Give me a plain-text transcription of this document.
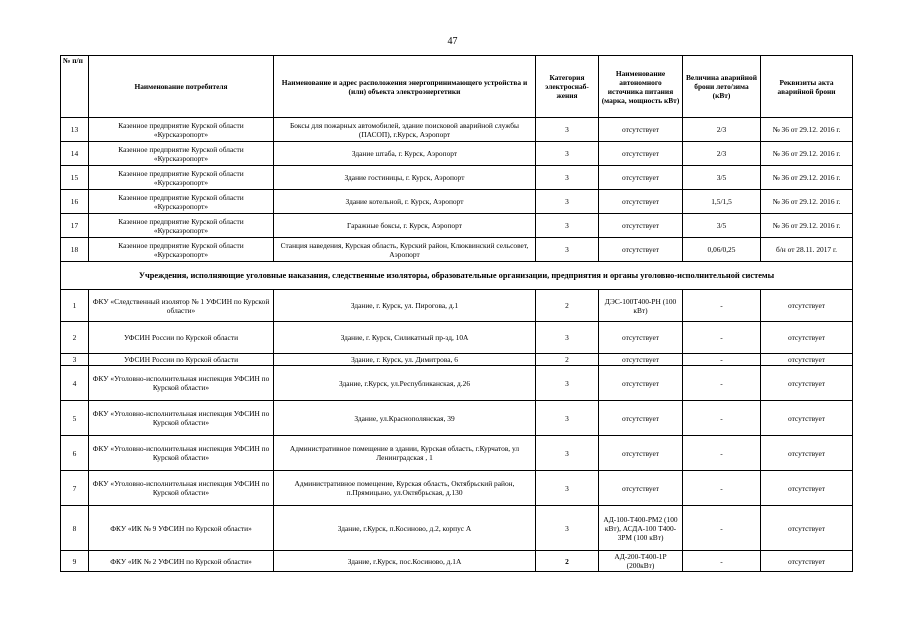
47
№ п/п	Наименование потребителя	Наименование и адрес расположения энергопринимающего устройства и (или) объекта электроэнергетики	Категория электроснаб- жения	Наименование автономного источника питания (марка, мощность кВт)	Величина аварийной брони лето/зима (кВт)	Реквизиты акта аварийной брони
13	Казенное предприятие Курской области «Курскаэропорт»	Боксы для пожарных автомобилей, здание поисковой аварийной службы (ПАСОП), г.Курск, Аэропорт	3	отсутствует	2/3	№ 36 от 29.12. 2016 г.
14	Казенное предприятие Курской области «Курскаэропорт»	Здание штаба, г. Курск, Аэропорт	3	отсутствует	2/3	№ 36 от 29.12. 2016 г.
15	Казенное предприятие Курской области «Курскаэропорт»	Здание гостиницы, г. Курск, Аэропорт	3	отсутствует	3/5	№ 36 от 29.12. 2016 г.
16	Казенное предприятие Курской области «Курскаэропорт»	Здание котельной, г. Курск, Аэропорт	3	отсутствует	1,5/1,5	№ 36 от 29.12. 2016 г.
17	Казенное предприятие Курской области «Курскаэропорт»	Гаражные боксы, г. Курск, Аэропорт	3	отсутствует	3/5	№ 36 от 29.12. 2016 г.
18	Казенное предприятие Курской области «Курскаэропорт»	Станция наведения, Курская область, Курский район, Клюквинский сельсовет, Аэропорт	3	отсутствует	0,06/0,25	б/н от 28.11. 2017 г.
Учреждения, исполняющие уголовные наказания, следственные изоляторы, образовательные организации, предприятия и органы уголовно-исполнительной системы						
1	ФКУ «Следственный изолятор № 1 УФСИН по Курской области»	Здание, г. Курск, ул. Пирогова, д.1	2	ДЭС-100Т400-РН (100 кВт)	-	отсутствует
2	УФСИН России по Курской области	Здание, г. Курск, Силикатный пр-зд, 10А	3	отсутствует	-	отсутствует
3	УФСИН России по Курской области	Здание, г. Курск, ул. Димитрова, 6	2	отсутствует	-	отсутствует
4	ФКУ «Уголовно-исполнительная инспекция УФСИН по Курской области»	Здание, г.Курск, ул.Республиканская, д.26	3	отсутствует	-	отсутствует
5	ФКУ «Уголовно-исполнительная инспекция УФСИН по Курской области»	Здание, ул.Краснополянская, 39	3	отсутствует	-	отсутствует
6	ФКУ «Уголовно-исполнительная инспекция УФСИН по Курской области»	Административное помещение в здании, Курская область, г.Курчатов, ул Ленинградская , 1	3	отсутствует	-	отсутствует
7	ФКУ «Уголовно-исполнительная инспекция УФСИН по Курской области»	Административное помещение, Курская область, Октябрьский район, п.Прямицыно, ул.Октябрьская, д.130	3	отсутствует	-	отсутствует
8	ФКУ «ИК № 9 УФСИН по Курской области»	Здание, г.Курск, п.Косиново, д.2, корпус А	3	АД-100-Т400-РМ2 (100 кВт), АСДА-100 Т400-3РМ (100 кВт)	-	отсутствует
9	ФКУ «ИК № 2 УФСИН по Курской области»	Здание, г.Курск, пос.Косиново, д.1А	2	АД-200-Т400-1Р (200кВт)	-	отсутствует
